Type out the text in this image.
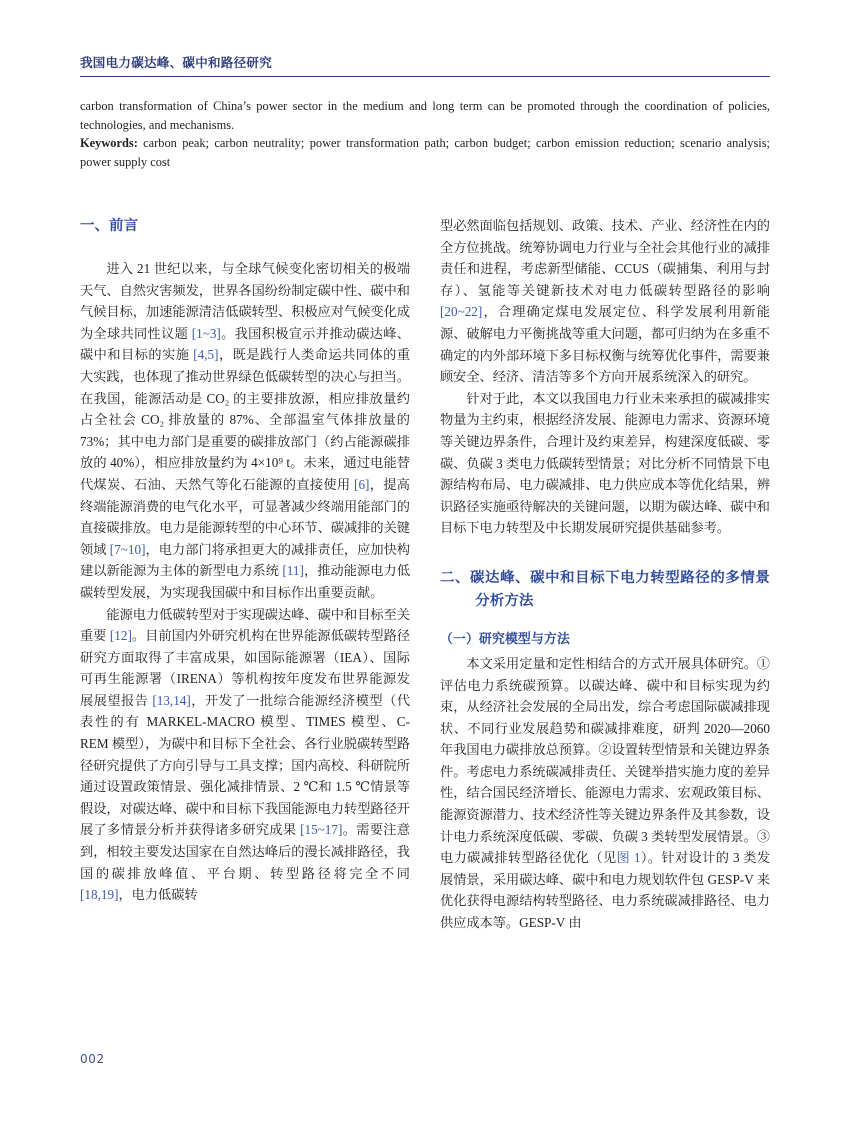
我国电力碳达峰、碳中和路径研究

carbon transformation of China’s power sector in the medium and long term can be promoted through the coordination of policies, technologies, and mechanisms.

Keywords: carbon peak; carbon neutrality; power transformation path; carbon budget; carbon emission reduction; scenario analysis; power supply cost

一、前言

进入 21 世纪以来，与全球气候变化密切相关的极端天气、自然灾害频发，世界各国纷纷制定碳中性、碳中和气候目标，加速能源清洁低碳转型、积极应对气候变化成为全球共同性议题 [1~3]。我国积极宣示并推动碳达峰、碳中和目标的实施 [4,5]，既是践行人类命运共同体的重大实践，也体现了推动世界绿色低碳转型的决心与担当。在我国，能源活动是 CO₂ 的主要排放源，相应排放量约占全社会 CO₂ 排放量的 87%、全部温室气体排放量的 73%；其中电力部门是重要的碳排放部门（约占能源碳排放的 40%），相应排放量约为 4×10⁹ t。未来，通过电能替代煤炭、石油、天然气等化石能源的直接使用 [6]，提高终端能源消费的电气化水平，可显著减少终端用能部门的直接碳排放。电力是能源转型的中心环节、碳减排的关键领域 [7~10]，电力部门将承担更大的减排责任，应加快构建以新能源为主体的新型电力系统 [11]，推动能源电力低碳转型发展，为实现我国碳中和目标作出重要贡献。

能源电力低碳转型对于实现碳达峰、碳中和目标至关重要 [12]。目前国内外研究机构在世界能源低碳转型路径研究方面取得了丰富成果，如国际能源署（IEA）、国际可再生能源署（IRENA）等机构按年度发布世界能源发展展望报告 [13,14]，开发了一批综合能源经济模型（代表性的有 MARKEL-MACRO 模型、TIMES 模型、C-REM 模型），为碳中和目标下全社会、各行业脱碳转型路径研究提供了方向引导与工具支撑；国内高校、科研院所通过设置政策情景、强化减排情景、2 ℃和 1.5 ℃情景等假设，对碳达峰、碳中和目标下我国能源电力转型路径开展了多情景分析并获得诸多研究成果 [15~17]。需要注意到，相较主要发达国家在自然达峰后的漫长减排路径，我国的碳排放峰值、平台期、转型路径将完全不同 [18,19]，电力低碳转

型必然面临包括规划、政策、技术、产业、经济性在内的全方位挑战。统筹协调电力行业与全社会其他行业的减排责任和进程，考虑新型储能、CCUS（碳捕集、利用与封存）、氢能等关键新技术对电力低碳转型路径的影响 [20~22]，合理确定煤电发展定位、科学发展利用新能源、破解电力平衡挑战等重大问题，都可归纳为在多重不确定的内外部环境下多目标权衡与统筹优化事件，需要兼顾安全、经济、清洁等多个方向开展系统深入的研究。

针对于此，本文以我国电力行业未来承担的碳减排实物量为主约束，根据经济发展、能源电力需求、资源环境等关键边界条件，合理计及约束差异，构建深度低碳、零碳、负碳 3 类电力低碳转型情景；对比分析不同情景下电源结构布局、电力碳减排、电力供应成本等优化结果，辨识路径实施亟待解决的关键问题，以期为碳达峰、碳中和目标下电力转型及中长期发展研究提供基础参考。

二、碳达峰、碳中和目标下电力转型路径的多情景分析方法
（一）研究模型与方法

本文采用定量和定性相结合的方式开展具体研究。①评估电力系统碳预算。以碳达峰、碳中和目标实现为约束，从经济社会发展的全局出发，综合考虑国际碳减排现状、不同行业发展趋势和碳减排难度，研判 2020—2060 年我国电力碳排放总预算。②设置转型情景和关键边界条件。考虑电力系统碳减排责任、关键举措实施力度的差异性，结合国民经济增长、能源电力需求、宏观政策目标、能源资源潜力、技术经济性等关键边界条件及其参数，设计电力系统深度低碳、零碳、负碳 3 类转型发展情景。③电力碳减排转型路径优化（见图 1）。针对设计的 3 类发展情景，采用碳达峰、碳中和电力规划软件包 GESP-V 来优化获得电源结构转型路径、电力系统碳减排路径、电力供应成本等。GESP-V 由

002
